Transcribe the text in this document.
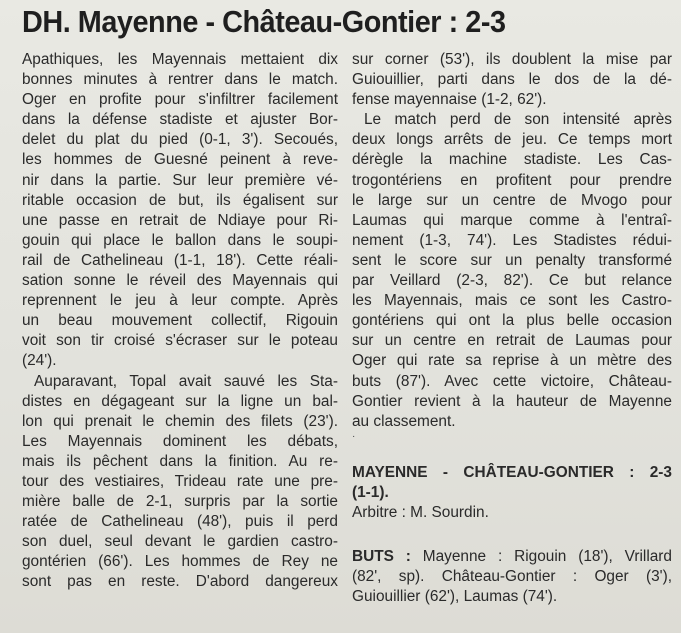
DH. Mayenne - Château-Gontier : 2-3
Apathiques, les Mayennais mettaient dix
bonnes minutes à rentrer dans le match.
Oger en profite pour s'infiltrer facilement
dans la défense stadiste et ajuster Bor-
delet du plat du pied (0-1, 3'). Secoués,
les hommes de Guesné peinent à reve-
nir dans la partie. Sur leur première vé-
ritable occasion de but, ils égalisent sur
une passe en retrait de Ndiaye pour Ri-
gouin qui place le ballon dans le soupi-
rail de Cathelineau (1-1, 18'). Cette réali-
sation sonne le réveil des Mayennais qui
reprennent le jeu à leur compte. Après
un beau mouvement collectif, Rigouin
voit son tir croisé s'écraser sur le poteau
(24').
Auparavant, Topal avait sauvé les Sta-
distes en dégageant sur la ligne un bal-
lon qui prenait le chemin des filets (23').
Les Mayennais dominent les débats,
mais ils pêchent dans la finition. Au re-
tour des vestiaires, Trideau rate une pre-
mière balle de 2-1, surpris par la sortie
ratée de Cathelineau (48'), puis il perd
son duel, seul devant le gardien castro-
gontérien (66'). Les hommes de Rey ne
sont pas en reste. D'abord dangereux
sur corner (53'), ils doublent la mise par
Guiouillier, parti dans le dos de la dé-
fense mayennaise (1-2, 62').
Le match perd de son intensité après
deux longs arrêts de jeu. Ce temps mort
dérègle la machine stadiste. Les Cas-
trogontériens en profitent pour prendre
le large sur un centre de Mvogo pour
Laumas qui marque comme à l'entraî-
nement (1-3, 74'). Les Stadistes rédui-
sent le score sur un penalty transformé
par Veillard (2-3, 82'). Ce but relance
les Mayennais, mais ce sont les Castro-
gontériens qui ont la plus belle occasion
sur un centre en retrait de Laumas pour
Oger qui rate sa reprise à un mètre des
buts (87'). Avec cette victoire, Château-
Gontier revient à la hauteur de Mayenne
au classement.
·
MAYENNE - CHÂTEAU-GONTIER : 2-3
(1-1).
Arbitre : M. Sourdin.
BUTS : Mayenne : Rigouin (18'), Vrillard
(82', sp). Château-Gontier : Oger (3'),
Guiouillier (62'), Laumas (74').
